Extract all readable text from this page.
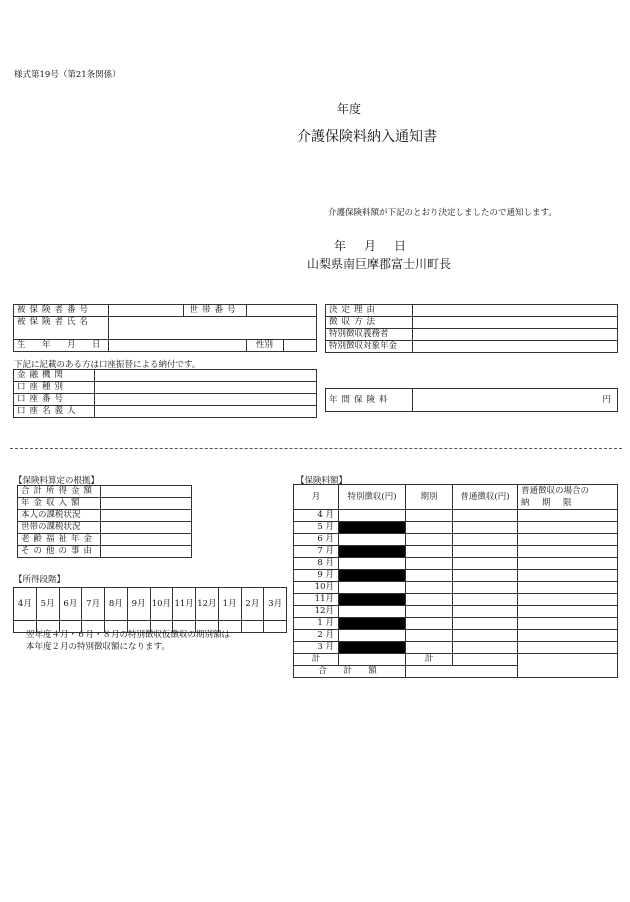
様式第19号（第21条関係）
年度
介護保険料納入通知書
介護保険料額が下記のとおり決定しましたので通知します。
年　月　日
山梨県南巨摩郡富士川町長
被保険者番号		世帯番号		
被保険者氏名				
生　年　月　日			性別	
下記に記載のある方は口座振替による納付です。
金融機関	
口座種別	
口座番号	
口座名義人	
決定理由	
徴収方法	
特別徴収義務者	
特別徴収対象年金	
年間保険料	円
【保険料算定の根拠】
合計所得金額	
年金収入額	
本人の課税状況	
世帯の課税状況	
老齢福祉年金	
その他の事由	
【所得段階】
4月	5月	6月	7月	8月	9月	10月	11月	12月	1月	2月	3月

翌年度４月・６月・８月の特別徴収仮徴収の期別額は
本年度２月の特別徴収額になります。
【保険料額】
月	特別徴収(円)	期別	普通徴収(円)	普通徴収の場合の
納　期　限

4 月				
5 月				
6 月				
7 月				
8 月				
9 月				
10月				
11月				
12月				
1 月				
2 月				
3 月				
計		計		
合　計　額				
